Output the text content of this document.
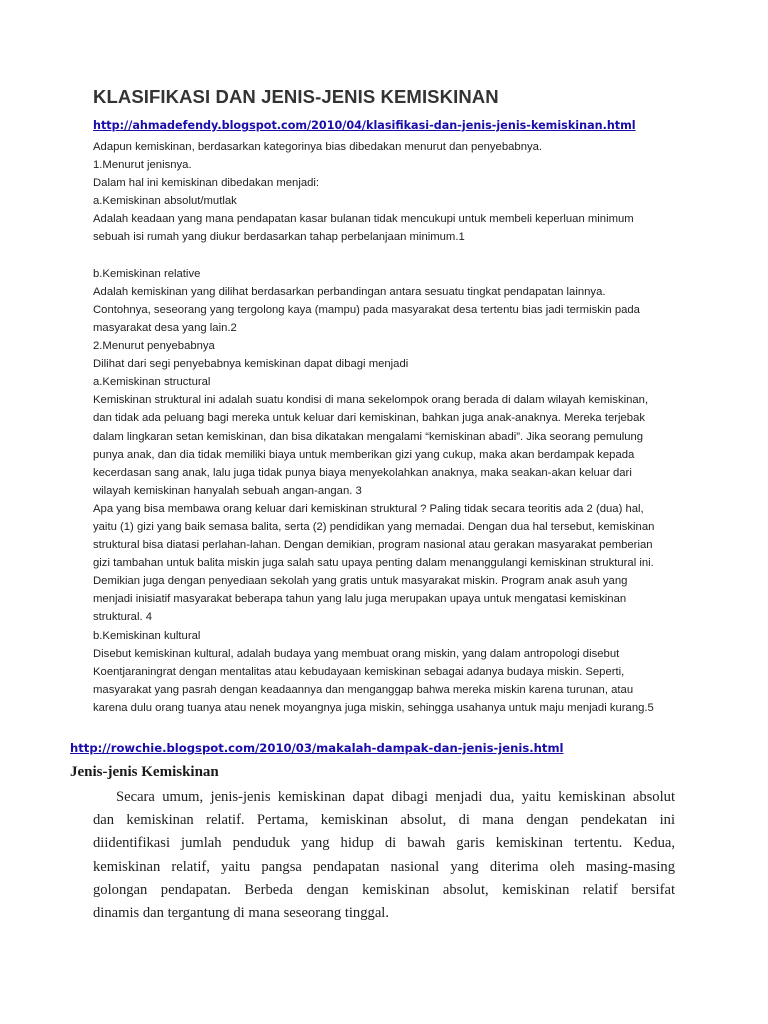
KLASIFIKASI DAN JENIS-JENIS KEMISKINAN
http://ahmadefendy.blogspot.com/2010/04/klasifikasi-dan-jenis-jenis-kemiskinan.html
Adapun kemiskinan, berdasarkan kategorinya bias dibedakan menurut dan penyebabnya.
1.Menurut jenisnya.
Dalam hal ini kemiskinan dibedakan menjadi:
a.Kemiskinan absolut/mutlak
Adalah keadaan yang mana pendapatan kasar bulanan tidak mencukupi untuk membeli keperluan minimum
sebuah isi rumah yang diukur berdasarkan tahap perbelanjaan minimum.1
b.Kemiskinan relative
Adalah kemiskinan yang dilihat berdasarkan perbandingan antara sesuatu tingkat pendapatan lainnya.
Contohnya, seseorang yang tergolong kaya (mampu) pada masyarakat desa tertentu bias jadi termiskin pada
masyarakat desa yang lain.2
2.Menurut penyebabnya
Dilihat dari segi penyebabnya kemiskinan dapat dibagi menjadi
a.Kemiskinan structural
Kemiskinan struktural ini adalah suatu kondisi di mana sekelompok orang berada di dalam wilayah kemiskinan,
dan tidak ada peluang bagi mereka untuk keluar dari kemiskinan, bahkan juga anak-anaknya. Mereka terjebak
dalam lingkaran setan kemiskinan, dan bisa dikatakan mengalami “kemiskinan abadi”. Jika seorang pemulung
punya anak, dan dia tidak memiliki biaya untuk memberikan gizi yang cukup, maka akan berdampak kepada
kecerdasan sang anak, lalu juga tidak punya biaya menyekolahkan anaknya, maka seakan-akan keluar dari
wilayah kemiskinan hanyalah sebuah angan-angan. 3
Apa yang bisa membawa orang keluar dari kemiskinan struktural ? Paling tidak secara teoritis ada 2 (dua) hal,
yaitu (1) gizi yang baik semasa balita, serta (2) pendidikan yang memadai. Dengan dua hal tersebut, kemiskinan
struktural bisa diatasi perlahan-lahan. Dengan demikian, program nasional atau gerakan masyarakat pemberian
gizi tambahan untuk balita miskin juga salah satu upaya penting dalam menanggulangi kemiskinan struktural ini.
Demikian juga dengan penyediaan sekolah yang gratis untuk masyarakat miskin. Program anak asuh yang
menjadi inisiatif masyarakat beberapa tahun yang lalu juga merupakan upaya untuk mengatasi kemiskinan
struktural. 4
b.Kemiskinan kultural
Disebut kemiskinan kultural, adalah budaya yang membuat orang miskin, yang dalam antropologi disebut
Koentjaraningrat dengan mentalitas atau kebudayaan kemiskinan sebagai adanya budaya miskin. Seperti,
masyarakat yang pasrah dengan keadaannya dan menganggap bahwa mereka miskin karena turunan, atau
karena dulu orang tuanya atau nenek moyangnya juga miskin, sehingga usahanya untuk maju menjadi kurang.5
http://rowchie.blogspot.com/2010/03/makalah-dampak-dan-jenis-jenis.html
Jenis-jenis Kemiskinan
Secara umum, jenis-jenis kemiskinan dapat dibagi menjadi dua, yaitu kemiskinan absolut
dan kemiskinan relatif. Pertama, kemiskinan absolut, di mana dengan pendekatan ini
diidentifikasi jumlah penduduk yang hidup di bawah garis kemiskinan tertentu. Kedua,
kemiskinan relatif, yaitu pangsa pendapatan nasional yang diterima oleh masing-masing
golongan pendapatan. Berbeda dengan kemiskinan absolut, kemiskinan relatif bersifat
dinamis dan tergantung di mana seseorang tinggal.
